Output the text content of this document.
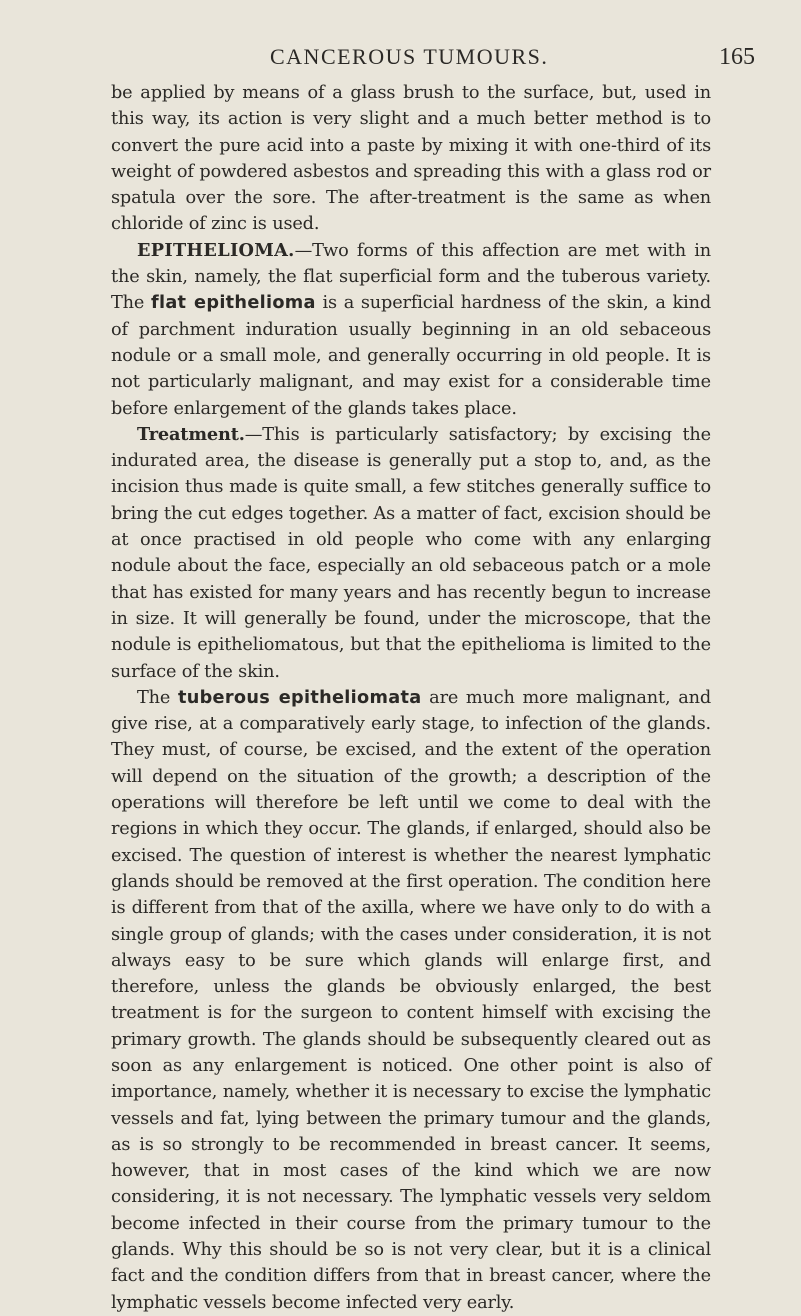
CANCEROUS TUMOURS.	165

be applied by means of a glass brush to the surface, but, used in this way, its action is very slight and a much better method is to convert the pure acid into a paste by mixing it with one-third of its weight of powdered asbestos and spreading this with a glass rod or spatula over the sore. The after-treatment is the same as when chloride of zinc is used.

EPITHELIOMA.—Two forms of this affection are met with in the skin, namely, the flat superficial form and the tuberous variety. The flat epithelioma is a superficial hardness of the skin, a kind of parchment induration usually beginning in an old sebaceous nodule or a small mole, and generally occurring in old people. It is not particularly malignant, and may exist for a considerable time before enlargement of the glands takes place.

Treatment.—This is particularly satisfactory; by excising the indurated area, the disease is generally put a stop to, and, as the incision thus made is quite small, a few stitches generally suffice to bring the cut edges together. As a matter of fact, excision should be at once practised in old people who come with any enlarging nodule about the face, especially an old sebaceous patch or a mole that has existed for many years and has recently begun to increase in size. It will generally be found, under the microscope, that the nodule is epitheliomatous, but that the epithelioma is limited to the surface of the skin.

The tuberous epitheliomata are much more malignant, and give rise, at a comparatively early stage, to infection of the glands. They must, of course, be excised, and the extent of the operation will depend on the situation of the growth; a description of the operations will therefore be left until we come to deal with the regions in which they occur. The glands, if enlarged, should also be excised. The question of interest is whether the nearest lymphatic glands should be removed at the first operation. The condition here is different from that of the axilla, where we have only to do with a single group of glands; with the cases under consideration, it is not always easy to be sure which glands will enlarge first, and therefore, unless the glands be obviously enlarged, the best treatment is for the surgeon to content himself with excising the primary growth. The glands should be subsequently cleared out as soon as any enlargement is noticed. One other point is also of importance, namely, whether it is necessary to excise the lymphatic vessels and fat, lying between the primary tumour and the glands, as is so strongly to be recommended in breast cancer. It seems, however, that in most cases of the kind which we are now considering, it is not necessary. The lymphatic vessels very seldom become infected in their course from the primary tumour to the glands. Why this should be so is not very clear, but it is a clinical fact and the condition differs from that in breast cancer, where the lymphatic vessels become infected very early.
